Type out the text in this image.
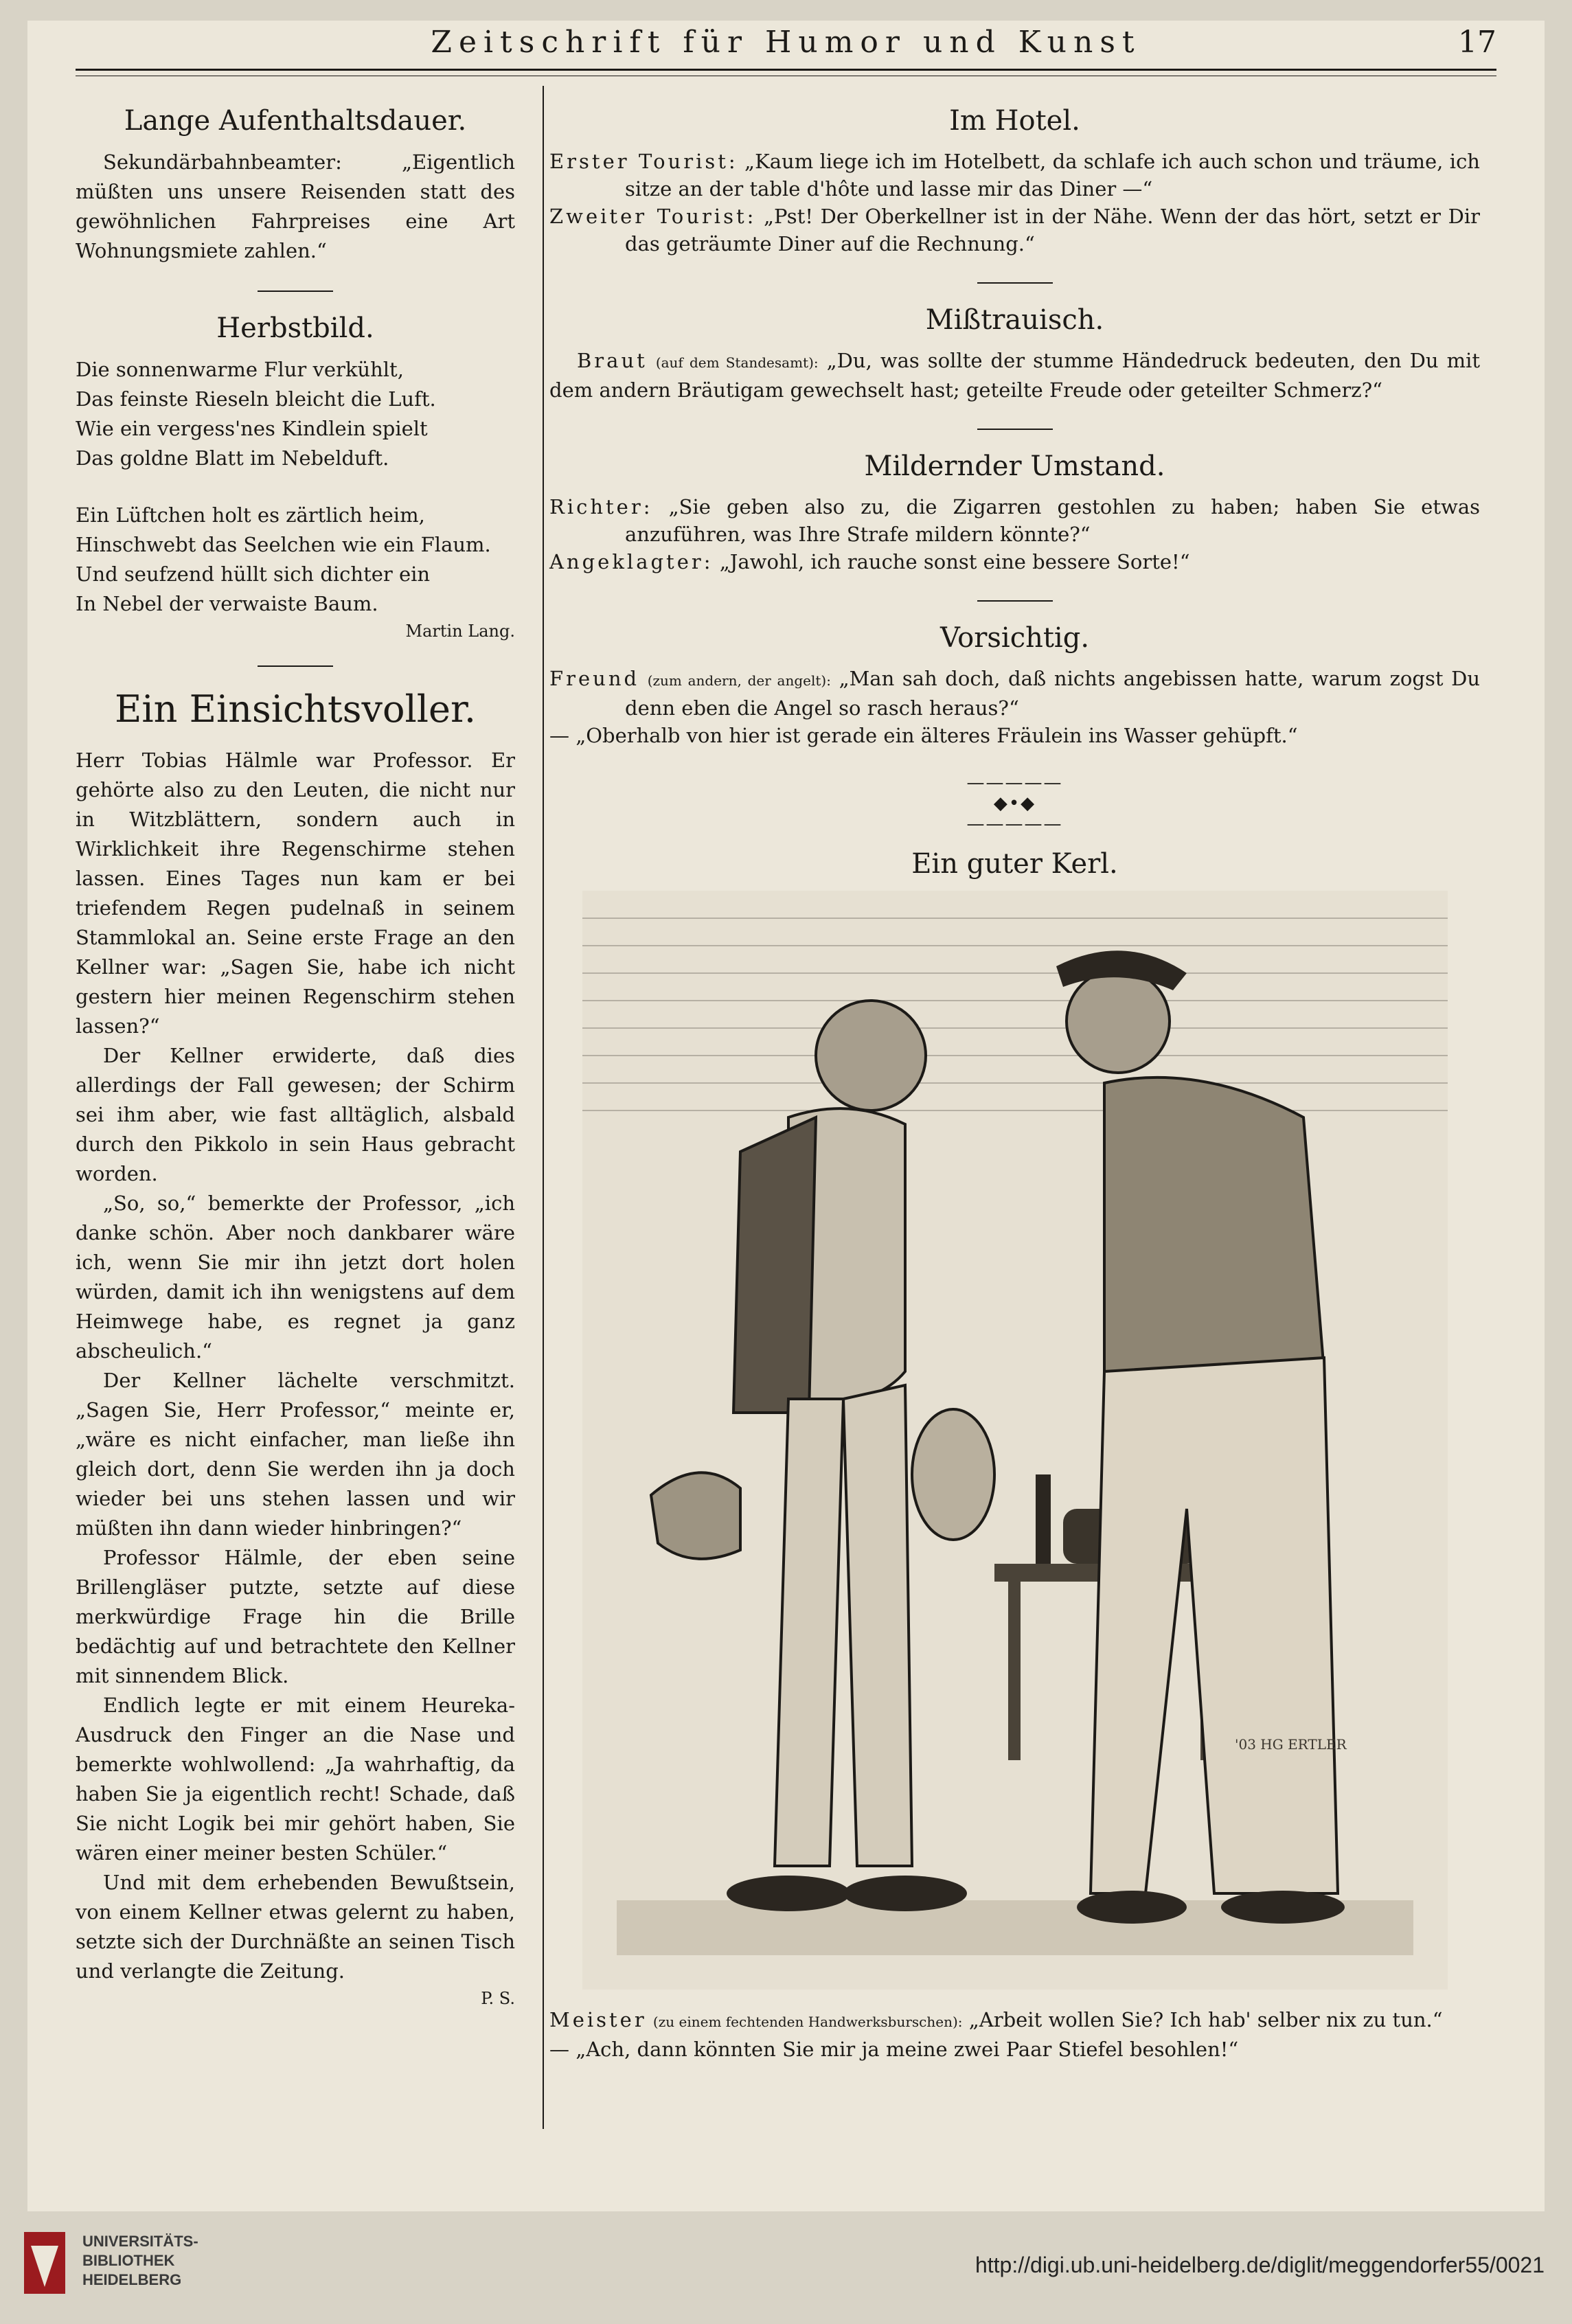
Zeitschrift für Humor und Kunst	17
Lange Aufenthaltsdauer.

Sekundärbahnbeamter: „Eigentlich müßten uns unsere Reisenden statt des gewöhnlichen Fahrpreises eine Art Wohnungsmiete zahlen.“

Herbstbild.
Die sonnenwarme Flur verkühlt,
Das feinste Rieseln bleicht die Luft.
Wie ein vergess'nes Kindlein spielt
Das goldne Blatt im Nebelduft.
Ein Lüftchen holt es zärtlich heim,
Hinschwebt das Seelchen wie ein Flaum.
Und seufzend hüllt sich dichter ein
In Nebel der verwaiste Baum.
Martin Lang.
Ein Einsichtsvoller.

Herr Tobias Hälmle war Professor. Er gehörte also zu den Leuten, die nicht nur in Witzblättern, sondern auch in Wirklichkeit ihre Regenschirme stehen lassen. Eines Tages nun kam er bei triefendem Regen pudelnaß in seinem Stammlokal an. Seine erste Frage an den Kellner war: „Sagen Sie, habe ich nicht gestern hier meinen Regenschirm stehen lassen?“

Der Kellner erwiderte, daß dies allerdings der Fall gewesen; der Schirm sei ihm aber, wie fast alltäglich, alsbald durch den Pikkolo in sein Haus gebracht worden.

„So, so,“ bemerkte der Professor, „ich danke schön. Aber noch dankbarer wäre ich, wenn Sie mir ihn jetzt dort holen würden, damit ich ihn wenigstens auf dem Heimwege habe, es regnet ja ganz abscheulich.“

Der Kellner lächelte verschmitzt. „Sagen Sie, Herr Professor,“ meinte er, „wäre es nicht einfacher, man ließe ihn gleich dort, denn Sie werden ihn ja doch wieder bei uns stehen lassen und wir müßten ihn dann wieder hinbringen?“

Professor Hälmle, der eben seine Brillengläser putzte, setzte auf diese merkwürdige Frage hin die Brille bedächtig auf und betrachtete den Kellner mit sinnendem Blick.

Endlich legte er mit einem Heureka-Ausdruck den Finger an die Nase und bemerkte wohlwollend: „Ja wahrhaftig, da haben Sie ja eigentlich recht! Schade, daß Sie nicht Logik bei mir gehört haben, Sie wären einer meiner besten Schüler.“

Und mit dem erhebenden Bewußtsein, von einem Kellner etwas gelernt zu haben, setzte sich der Durchnäßte an seinen Tisch und verlangte die Zeitung.

P. S.
Im Hotel.

Erster Tourist: „Kaum liege ich im Hotelbett, da schlafe ich auch schon und träume, ich sitze an der table d'hôte und lasse mir das Diner —“

Zweiter Tourist: „Pst! Der Oberkellner ist in der Nähe. Wenn der das hört, setzt er Dir das geträumte Diner auf die Rechnung.“

Mißtrauisch.

Braut (auf dem Standesamt): „Du, was sollte der stumme Händedruck bedeuten, den Du mit dem andern Bräutigam gewechselt hast; geteilte Freude oder geteilter Schmerz?“

Mildernder Umstand.

Richter: „Sie geben also zu, die Zigarren gestohlen zu haben; haben Sie etwas anzuführen, was Ihre Strafe mildern könnte?“

Angeklagter: „Jawohl, ich rauche sonst eine bessere Sorte!“

Vorsichtig.

Freund (zum andern, der angelt): „Man sah doch, daß nichts angebissen hatte, warum zogst Du denn eben die Angel so rasch heraus?“

— „Oberhalb von hier ist gerade ein älteres Fräulein ins Wasser gehüpft.“

—————◆•◆—————
Ein guter Kerl.
'03 HG ERTLER

Meister (zu einem fechtenden Handwerksburschen): „Arbeit wollen Sie? Ich hab' selber nix zu tun.“

— „Ach, dann könnten Sie mir ja meine zwei Paar Stiefel besohlen!“

UNIVERSITÄTS-
BIBLIOTHEK
HEIDELBERG
http://digi.ub.uni-heidelberg.de/diglit/meggendorfer55/0021
